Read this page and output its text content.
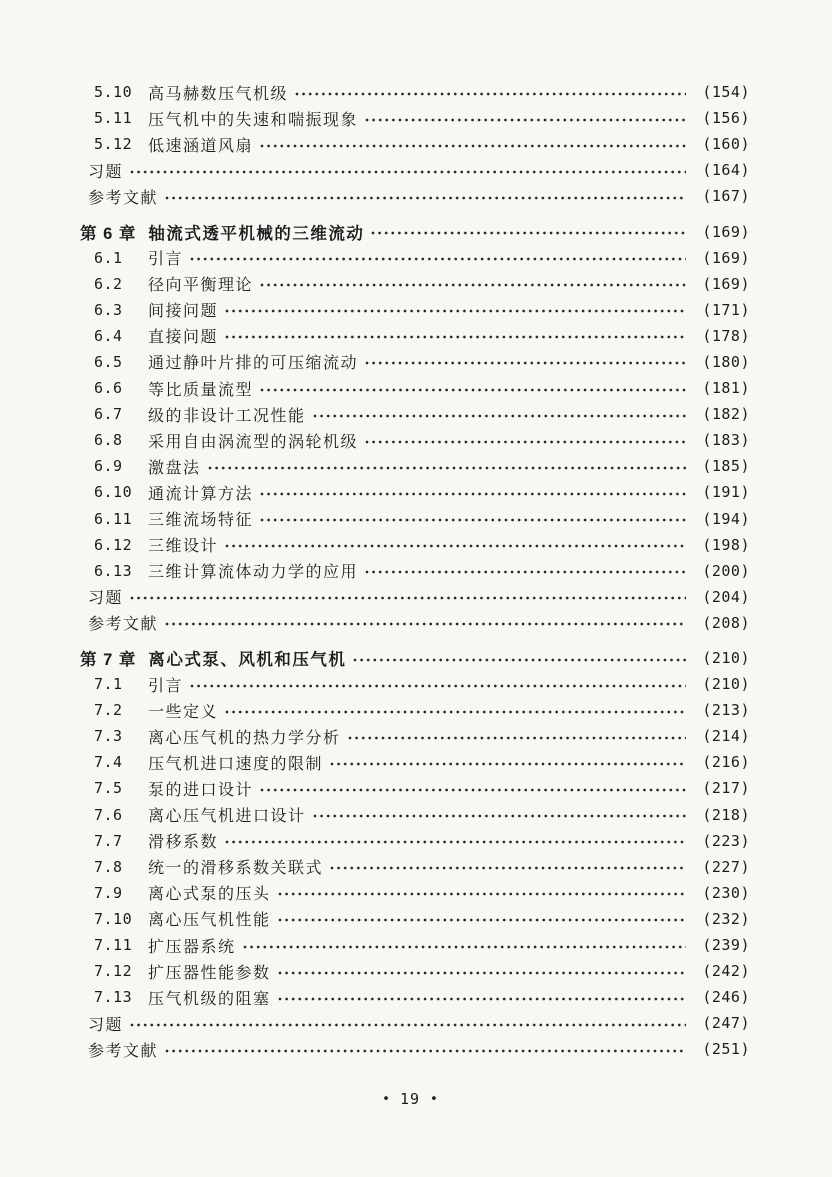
5.10 高马赫数压气机级	(154)
5.11 压气机中的失速和喘振现象	(156)
5.12 低速涵道风扇	(160)
习题	(164)
参考文献	(167)
第 6 章 轴流式透平机械的三维流动	(169)
6.1	引言	(169)
6.2	径向平衡理论	(169)
6.3	间接问题	(171)
6.4	直接问题	(178)
6.5	通过静叶片排的可压缩流动	(180)
6.6	等比质量流型	(181)
6.7	级的非设计工况性能	(182)
6.8	采用自由涡流型的涡轮机级	(183)
6.9	激盘法	(185)
6.10 通流计算方法	(191)
6.11 三维流场特征	(194)
6.12 三维设计	(198)
6.13 三维计算流体动力学的应用	(200)
习题	(204)
参考文献	(208)
第 7 章 离心式泵、风机和压气机	(210)
7.1	引言	(210)
7.2	一些定义	(213)
7.3	离心压气机的热力学分析	(214)
7.4	压气机进口速度的限制	(216)
7.5	泵的进口设计	(217)
7.6	离心压气机进口设计	(218)
7.7	滑移系数	(223)
7.8	统一的滑移系数关联式	(227)
7.9	离心式泵的压头	(230)
7.10 离心压气机性能	(232)
7.11 扩压器系统	(239)
7.12 扩压器性能参数	(242)
7.13 压气机级的阻塞	(246)
习题	(247)
参考文献	(251)
• 19 •
